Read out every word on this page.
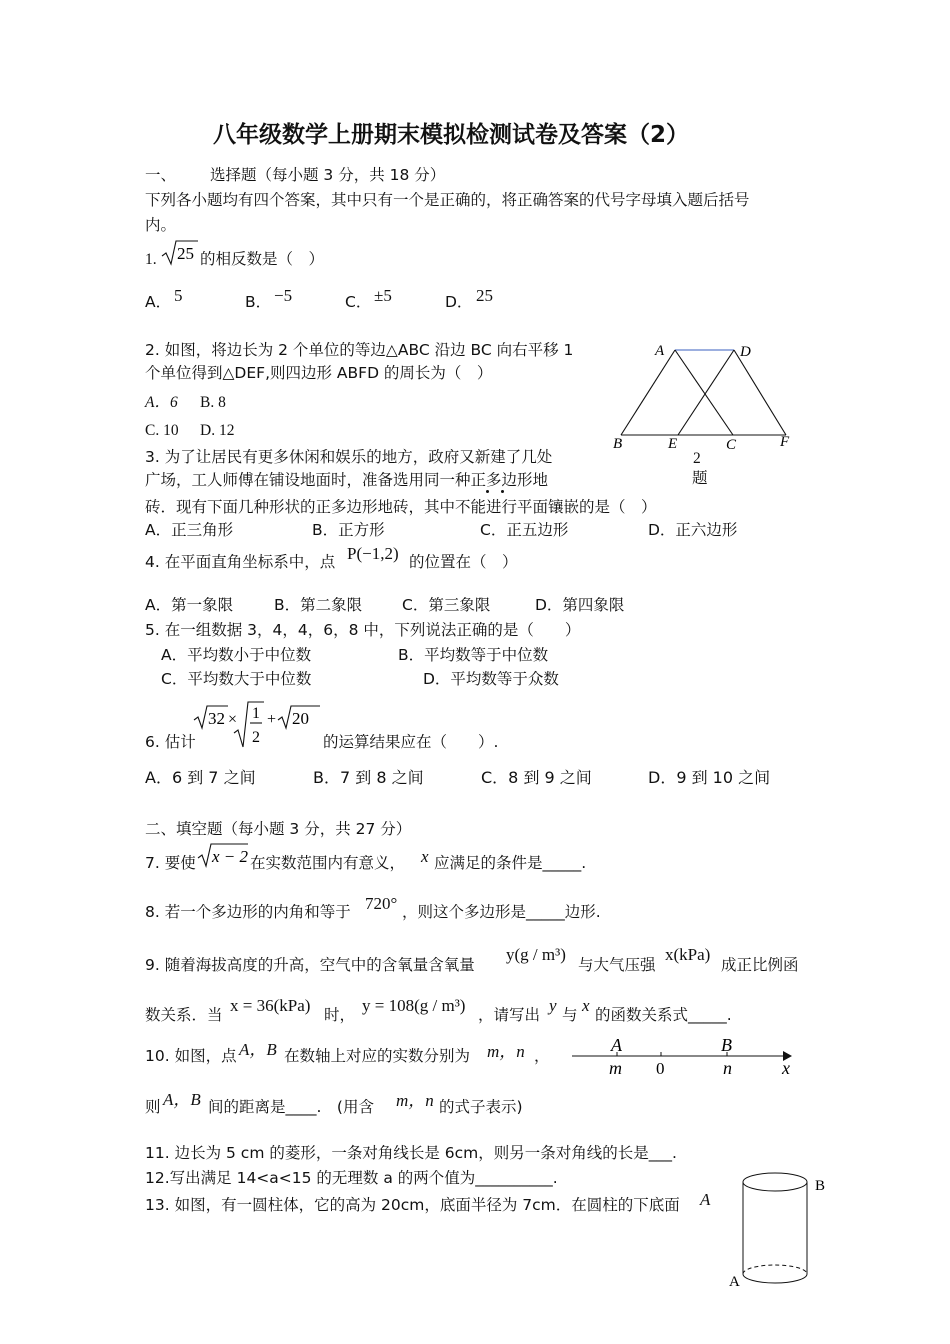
八年级数学上册期末模拟检测试卷及答案（2）
一、 选择题（每小题 3 分，共 18 分）
下列各小题均有四个答案，其中只有一个是正确的，将正确答案的代号字母填入题后括号
内。
1. 25 的相反数是（　）
A． 5	B． −5	C． ±5	D． 25
2. 如图，将边长为 2 个单位的等边△ABC 沿边 BC 向右平移 1
个单位得到△DEF,则四边形 ABFD 的周长为（　）
A．6 B. 8
C. 10 D. 12
A	D
B	E	C	F
2
题
3. 为了让居民有更多休闲和娱乐的地方，政府又新建了几处
广场，工人师傅在铺设地面时，准备选用同一种正多边形地
砖．现有下面几种形状的正多边形地砖，其中不能进行平面镶嵌的是（　）
A．正三角形	B．正方形	C．正五边形	D．正六边形
4. 在平面直角坐标系中，点 P(−1,2) 的位置在（　）
A．第一象限	B．第二象限	C．第三象限	D．第四象限
5. 在一组数据 3，4，4，6，8 中，下列说法正确的是（　　）
A．平均数小于中位数	B．平均数等于中位数
C．平均数大于中位数	D．平均数等于众数
6. 估计
32 × 1
2
+ 20
的运算结果应在（　　）.
A．6 到 7 之间	B．7 到 8 之间	C．8 到 9 之间	D．9 到 10 之间
二、填空题（每小题 3 分，共 27 分）
7. 要使 x − 2 在实数范围内有意义， x 应满足的条件是_____.
8. 若一个多边形的内角和等于 720° ，则这个多边形是_____边形.
9. 随着海拔高度的升高，空气中的含氧量含氧量
y(g / m³)
与大气压强
x(kPa)
成正比例函
数关系．当 x = 36(kPa) 时， y = 108(g / m³) ，请写出 y 与 x 的函数关系式_____.
10. 如图，点 A，B 在数轴上对应的实数分别为 m，n ，
则 A，B 间的距离是____.　(用含 m，n 的式子表示)
A
m 0
B
n	x
11. 边长为 5 cm 的菱形，一条对角线长是 6cm，则另一条对角线的长是___.
12.写出满足 14<a<15 的无理数 a 的两个值为__________.
13. 如图，有一圆柱体，它的高为 20cm，底面半径为 7cm．在圆柱的下底面 A
B
A
